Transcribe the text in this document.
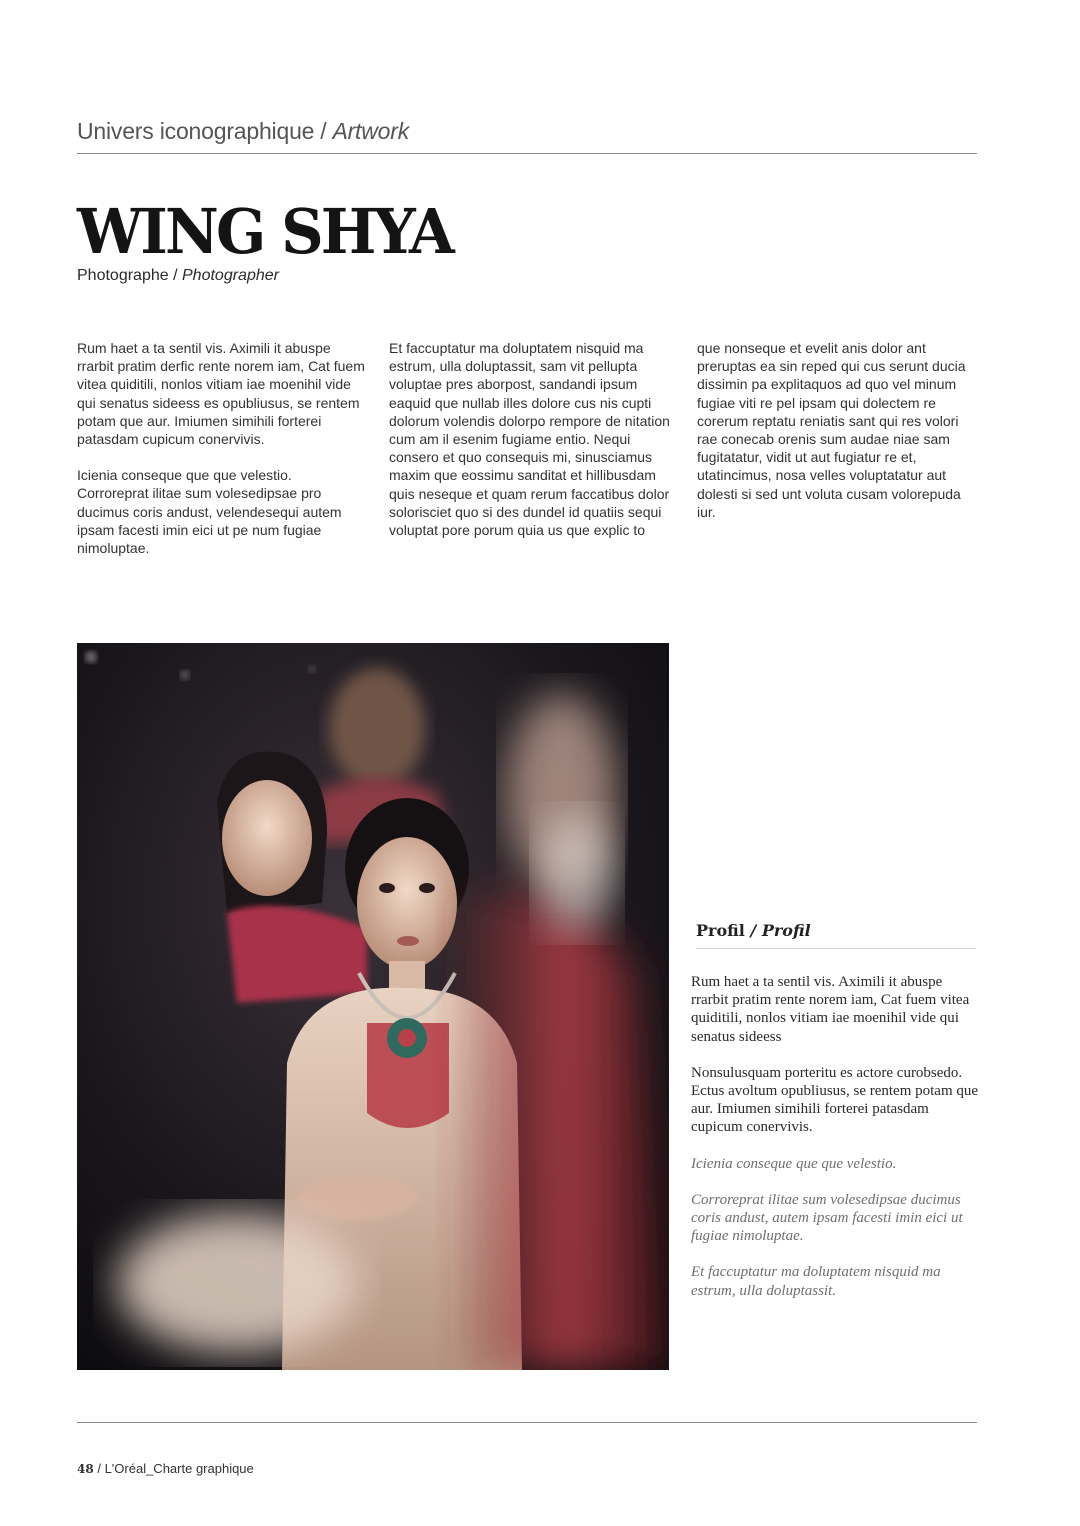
Univers iconographique / Artwork
WING SHYA
Photographe / Photographer

Rum haet a ta sentil vis. Aximili it abuspe rrarbit pratim derfic rente norem iam, Cat fuem vitea quiditili, nonlos vitiam iae moenihil vide qui senatus sideess es opubliusus, se rentem potam que aur. Imiumen simihili forterei patasdam cupicum conervivis.

Icienia conseque que que velestio. Corroreprat ilitae sum volesedipsae pro ducimus coris andust, velendesequi autem ipsam facesti imin eici ut pe num fugiae nimoluptae.

Et faccuptatur ma doluptatem nisquid ma estrum, ulla doluptassit, sam vit pellupta voluptae pres aborpost, sandandi ipsum eaquid que nullab illes dolore cus nis cupti dolorum volendis dolorpo rempore de nitation cum am il esenim fugiame entio. Nequi consero et quo consequis mi, sinusciamus maxim que eossimu sanditat et hillibusdam quis neseque et quam rerum faccatibus dolor solorisciet quo si des dundel id quatiis sequi voluptat pore porum quia us que explic to

que nonseque et evelit anis dolor ant preruptas ea sin reped qui cus serunt ducia dissimin pa explitaquos ad quo vel minum fugiae viti re pel ipsam qui dolectem re corerum reptatu reniatis sant qui res volori rae conecab orenis sum audae niae sam fugitatatur, vidit ut aut fugiatur re et, utatincimus, nosa velles voluptatatur aut dolesti si sed unt voluta cusam volorepuda iur.

Profil / Profil

Rum haet a ta sentil vis. Aximili it abuspe rrarbit pratim rente norem iam, Cat fuem vitea quiditili, nonlos vitiam iae moenihil vide qui senatus sideess

Nonsulusquam porteritu es actore curobsedo. Ectus avoltum opubliusus, se rentem potam que aur. Imiumen simihili forterei patasdam cupicum conervivis.

Icienia conseque que que velestio.

Corroreprat ilitae sum volesedipsae ducimus coris andust, autem ipsam facesti imin eici ut fugiae nimoluptae.

Et faccuptatur ma doluptatem nisquid ma estrum, ulla doluptassit.

48 / L'Oréal_Charte graphique
